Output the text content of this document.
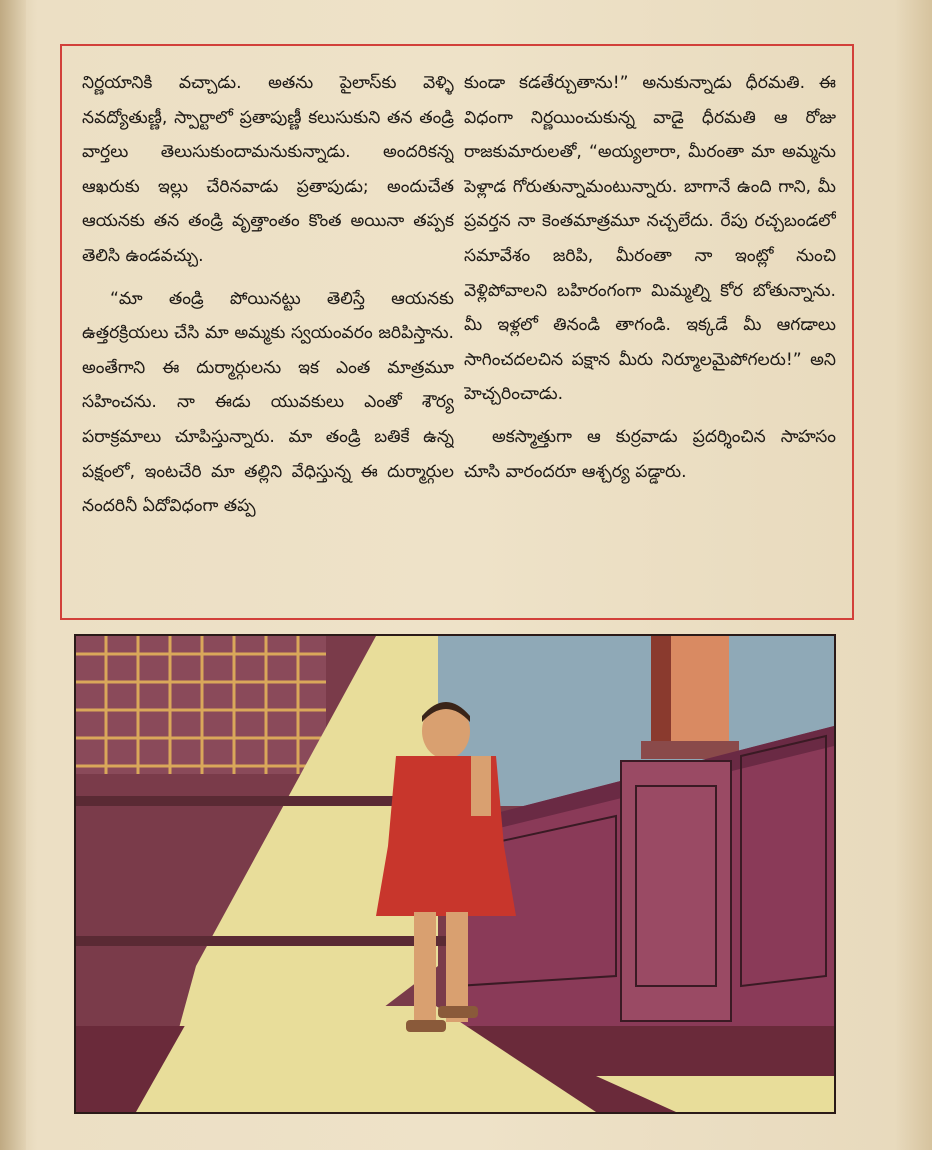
నిర్ణయానికి వచ్చాడు. అతను పైలాస్‌కు వెళ్ళి నవద్యోతుణ్ణీ, స్పార్టాలో ప్రతాపుణ్ణీ కలుసుకుని తన తండ్రి వార్తలు తెలుసుకుందామనుకున్నాడు. అందరికన్న ఆఖరుకు ఇల్లు చేరినవాడు ప్రతాపుడు; అందుచేత ఆయనకు తన తండ్రి వృత్తాంతం కొంత అయినా తప్పక తెలిసి ఉండవచ్చు.

“మా తండ్రి పోయినట్టు తెలిస్తే ఆయనకు ఉత్తరక్రియలు చేసి మా అమ్మకు స్వయంవరం జరిపిస్తాను. అంతేగాని ఈ దుర్మార్గులను ఇక ఎంత మాత్రమూ సహించను. నా ఈడు యువకులు ఎంతో శౌర్య పరాక్రమాలు చూపిస్తున్నారు. మా తండ్రి బతికే ఉన్న పక్షంలో, ఇంటచేరి మా తల్లిని వేధిస్తున్న ఈ దుర్మార్గుల నందరినీ ఏదోవిధంగా తప్ప

కుండా కడతేర్చుతాను!” అనుకున్నాడు ధీరమతి. ఈ విధంగా నిర్ణయించుకున్న వాడై ధీరమతి ఆ రోజు రాజకుమారులతో, “అయ్యలారా, మీరంతా మా అమ్మను పెళ్లాడ గోరుతున్నామంటున్నారు. బాగానే ఉంది గాని, మీ ప్రవర్తన నా కెంతమాత్రమూ నచ్చలేదు. రేపు రచ్చబండలో సమావేశం జరిపి, మీరంతా నా ఇంట్లో నుంచి వెళ్లిపోవాలని బహిరంగంగా మిమ్మల్ని కోర బోతున్నాను. మీ ఇళ్లలో తినండి తాగండి. ఇక్కడే మీ ఆగడాలు సాగించదలచిన పక్షాన మీరు నిర్మూలమైపోగలరు!” అని హెచ్చరించాడు.

అకస్మాత్తుగా ఆ కుర్రవాడు ప్రదర్శించిన సాహసం చూసి వారందరూ ఆశ్చర్య పడ్డారు.
